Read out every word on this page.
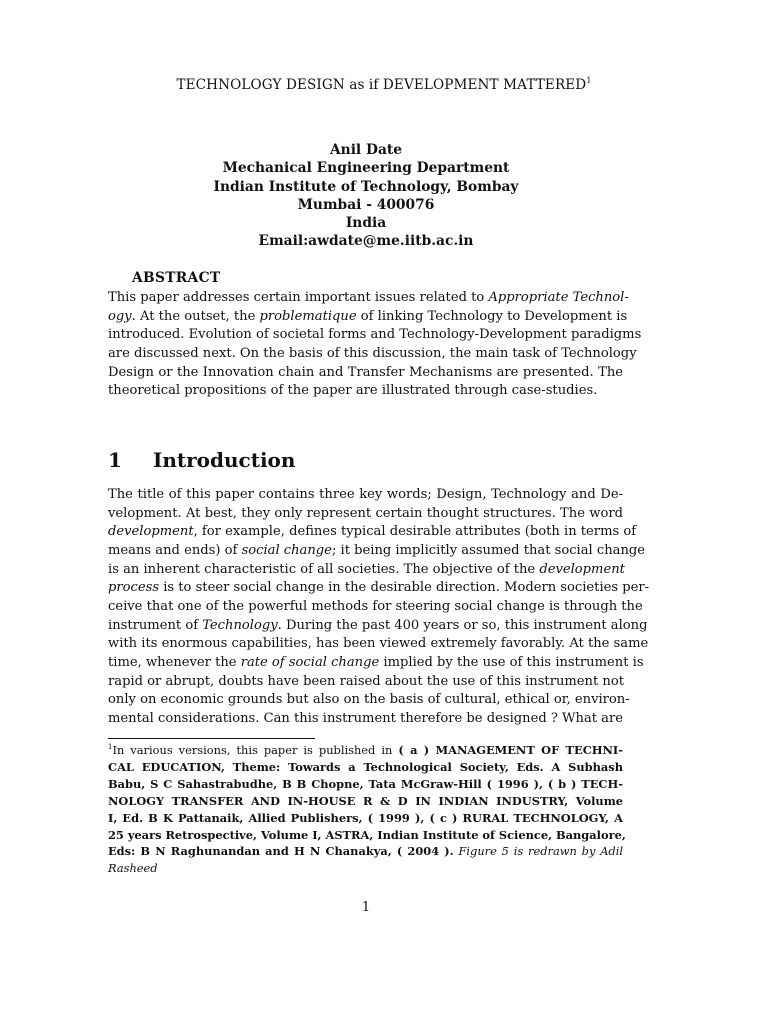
TECHNOLOGY DESIGN as if DEVELOPMENT MATTERED$^1$
Anil Date
Mechanical Engineering Department
Indian Institute of Technology, Bombay
Mumbai - 400076
India
Email:awdate@me.iitb.ac.in
ABSTRACT
This paper addresses certain important issues related to Appropriate Technol-
ogy. At the outset, the problematique of linking Technology to Development is
introduced. Evolution of societal forms and Technology-Development paradigms
are discussed next. On the basis of this discussion, the main task of Technology
Design or the Innovation chain and Transfer Mechanisms are presented. The
theoretical propositions of the paper are illustrated through case-studies.
1 Introduction
The title of this paper contains three key words; Design, Technology and De-
velopment. At best, they only represent certain thought structures. The word
development, for example, defines typical desirable attributes (both in terms of
means and ends) of social change; it being implicitly assumed that social change
is an inherent characteristic of all societies. The objective of the development
process is to steer social change in the desirable direction. Modern societies per-
ceive that one of the powerful methods for steering social change is through the
instrument of Technology. During the past 400 years or so, this instrument along
with its enormous capabilities, has been viewed extremely favorably. At the same
time, whenever the rate of social change implied by the use of this instrument is
rapid or abrupt, doubts have been raised about the use of this instrument not
only on economic grounds but also on the basis of cultural, ethical or, environ-
mental considerations. Can this instrument therefore be designed ? What are
$^1$In various versions, this paper is published in ( a ) MANAGEMENT OF TECHNI-
CAL EDUCATION, Theme: Towards a Technological Society, Eds. A Subhash
Babu, S C Sahastrabudhe, B B Chopne, Tata McGraw-Hill ( 1996 ), ( b ) TECH-
NOLOGY TRANSFER AND IN-HOUSE R & D IN INDIAN INDUSTRY, Volume
I, Ed. B K Pattanaik, Allied Publishers, ( 1999 ), ( c ) RURAL TECHNOLOGY, A
25 years Retrospective, Volume I, ASTRA, Indian Institute of Science, Bangalore,
Eds: B N Raghunandan and H N Chanakya, ( 2004 ). Figure 5 is redrawn by Adil
Rasheed
1
